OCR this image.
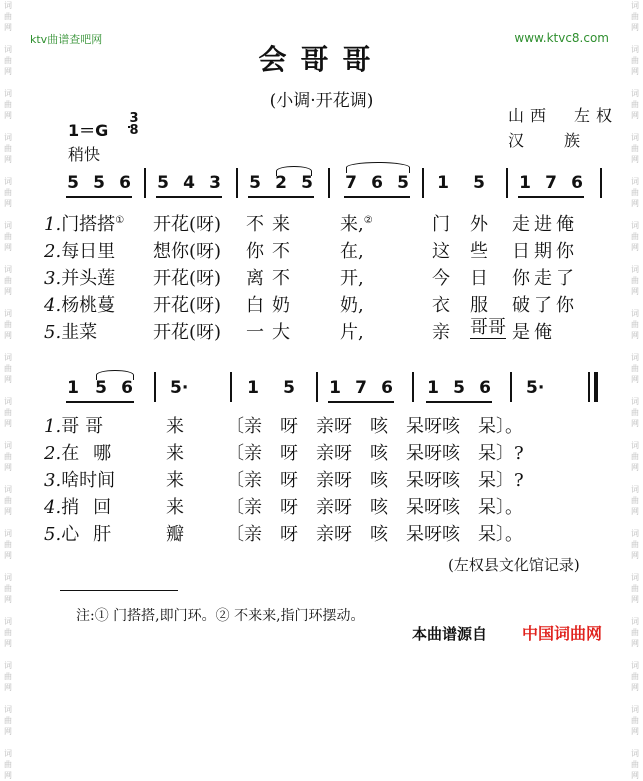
ktv曲谱查吧网	www.ktvc8.com
词
曲
网

词
曲
网

词
曲
网

词
曲
网

词
曲
网

词
曲
网

词
曲
网

词
曲
网

词
曲
网

词
曲
网

词
曲
网

词
曲
网

词
曲
网

词
曲
网

词
曲
网

词
曲
网

词
曲
网

词
曲
网

词
曲
网

词
曲
网

词
曲
网

词
曲
网

词
曲
网

词
曲
网

词
曲
网

词
曲
网

词
曲
网

词
曲
网

词
曲
网

词
曲
网

词
曲
网

词
曲
网

词
曲
网

词
曲
网

词
曲
网

词
曲
网

会哥哥
(小调·开花调)
山西　左权
汉族
1＝G
3
8
稍快
5 5 6 5 4 3 5 2 5 7 6 5 1 5 1 7 6
1.门搭搭①
2.每日里
3.并头莲
4.杨桃蔓
5.韭菜
开花(呀)
想你(呀)
开花(呀)
开花(呀)
开花(呀)
不来
你不
离不
白奶
一大
来,②
在,
开,
奶,
片,
门
这
今
衣
亲
外
些
日
服
哥哥
走进俺
日期你
你走了
破了你
是俺
1 5 6 5·	1 5 1 7 6 1 5 6 5·
1.哥哥
2.在哪
3.啥时间
4.捎回
5.心肝
来
来
来
来
瓣
〔亲　呀　亲呀　咳　呆呀咳　呆〕。
〔亲　呀　亲呀　咳　呆呀咳　呆〕?
〔亲　呀　亲呀　咳　呆呀咳　呆〕?
〔亲　呀　亲呀　咳　呆呀咳　呆〕。
〔亲　呀　亲呀　咳　呆呀咳　呆〕。
(左权县文化馆记录)
注:① 门搭搭,即门环。② 不来来,指门环摆动。
本曲谱源自 中国词曲网
